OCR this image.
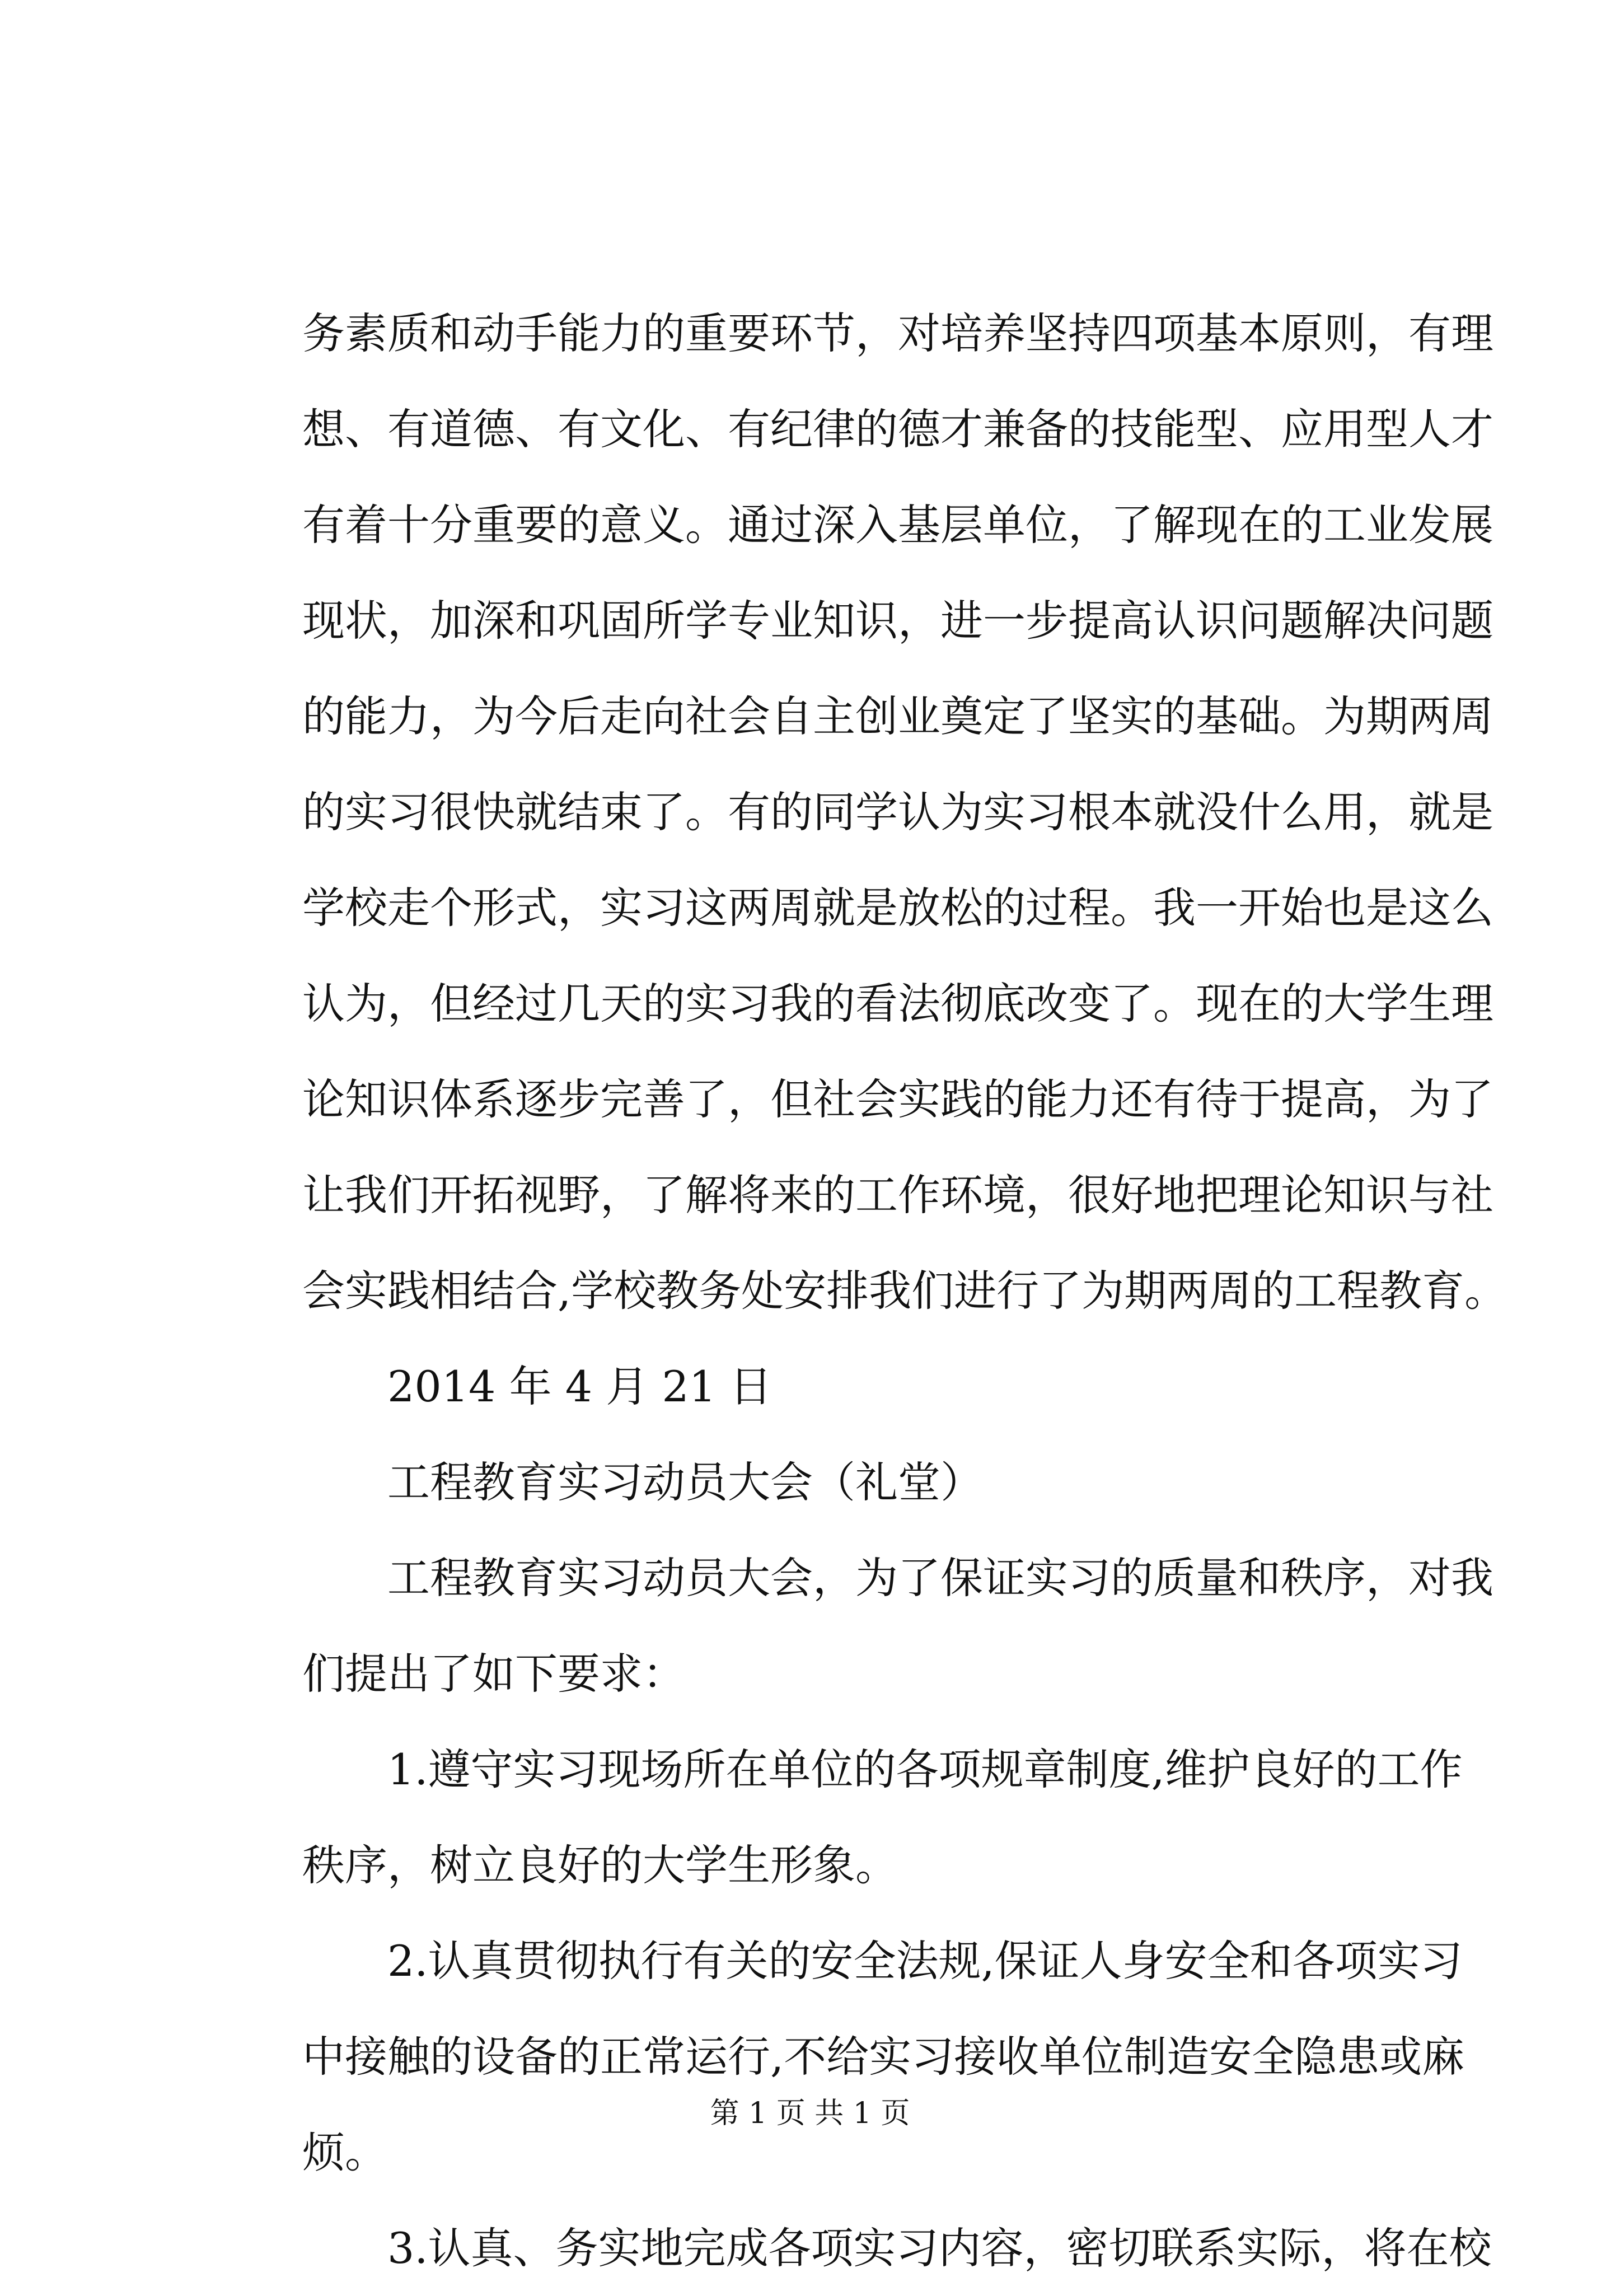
务素质和动手能力的重要环节，对培养坚持四项基本原则，有理
想、有道德、有文化、有纪律的德才兼备的技能型、应用型人才
有着十分重要的意义。通过深入基层单位，了解现在的工业发展
现状，加深和巩固所学专业知识，进一步提高认识问题解决问题
的能力，为今后走向社会自主创业奠定了坚实的基础。为期两周
的实习很快就结束了。有的同学认为实习根本就没什么用，就是
学校走个形式，实习这两周就是放松的过程。我一开始也是这么
认为，但经过几天的实习我的看法彻底改变了。现在的大学生理
论知识体系逐步完善了，但社会实践的能力还有待于提高，为了
让我们开拓视野，了解将来的工作环境，很好地把理论知识与社
会实践相结合,学校教务处安排我们进行了为期两周的工程教育。
2014 年 4 月 21 日
工程教育实习动员大会（礼堂）
工程教育实习动员大会，为了保证实习的质量和秩序，对我
们提出了如下要求：
1.遵守实习现场所在单位的各项规章制度,维护良好的工作
秩序，树立良好的大学生形象。
2.认真贯彻执行有关的安全法规,保证人身安全和各项实习
中接触的设备的正常运行,不给实习接收单位制造安全隐患或麻
烦。
3.认真、务实地完成各项实习内容，密切联系实际，将在校
第 1 页 共 1 页
